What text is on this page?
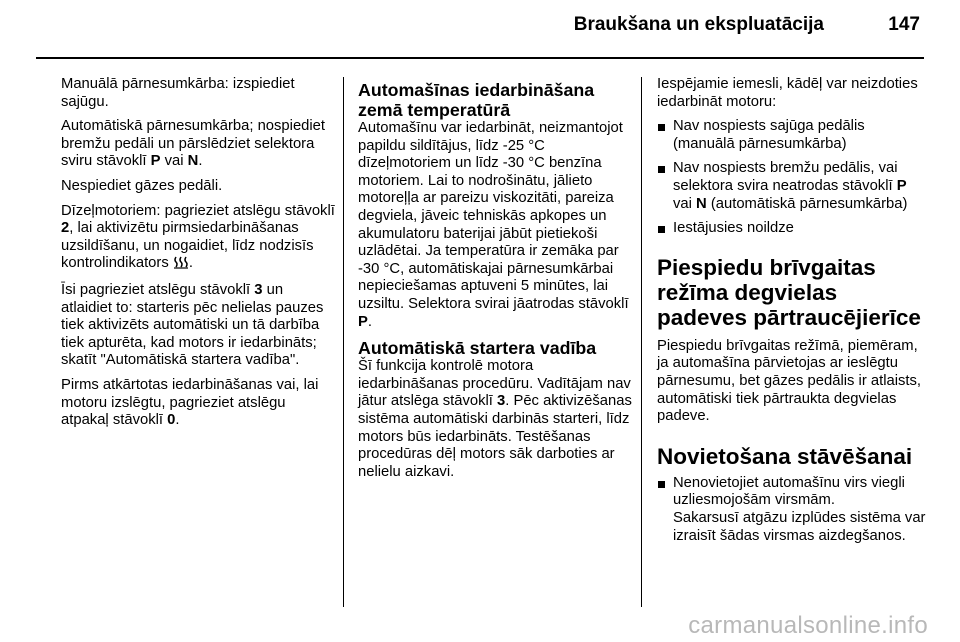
Braukšana un ekspluatācija	147

Manuālā pārnesumkārba: izspiediet sajūgu.

Automātiskā pārnesumkārba; nospiediet bremžu pedāli un pārslēdziet selektora sviru stāvoklī P vai N.

Nespiediet gāzes pedāli.

Dīzeļmotoriem: pagrieziet atslēgu stāvoklī 2, lai aktivizētu pirmsiedarbināšanas uzsildīšanu, un nogaidiet, līdz nodzisīs kontrolindikators .

Īsi pagrieziet atslēgu stāvoklī 3 un atlaidiet to: starteris pēc nelielas pauzes tiek aktivizēts automātiski un tā darbība tiek apturēta, kad motors ir iedarbināts; skatīt "Automātiskā startera vadība".

Pirms atkārtotas iedarbināšanas vai, lai motoru izslēgtu, pagrieziet atslēgu atpakaļ stāvoklī 0.

Automašīnas iedarbināšana zemā temperatūrā

Automašīnu var iedarbināt, neizmantojot papildu sildītājus, līdz -25 °C dīzeļmotoriem un līdz -30 °C benzīna motoriem. Lai to nodrošinātu, jālieto motoreļļa ar pareizu viskozitāti, pareiza degviela, jāveic tehniskās apkopes un akumulatoru baterijai jābūt pietiekoši uzlādētai. Ja temperatūra ir zemāka par -30 °C, automātiskajai pārnesumkārbai nepieciešamas aptuveni 5 minūtes, lai uzsiltu. Selektora svirai jāatrodas stāvoklī P.

Automātiskā startera vadība

Šī funkcija kontrolē motora iedarbināšanas procedūru. Vadītājam nav jātur atslēga stāvoklī 3. Pēc aktivizēšanas sistēma automātiski darbinās starteri, līdz motors būs iedarbināts. Testēšanas procedūras dēļ motors sāk darboties ar nelielu aizkavi.

Iespējamie iemesli, kādēļ var neizdoties iedarbināt motoru:

Nav nospiests sajūga pedālis (manuālā pārnesumkārba)
Nav nospiests bremžu pedālis, vai selektora svira neatrodas stāvoklī P vai N (automātiskā pārnesumkārba)
Iestājusies noildze
Piespiedu brīvgaitas režīma degvielas padeves pārtraucējierīce

Piespiedu brīvgaitas režīmā, piemēram, ja automašīna pārvietojas ar ieslēgtu pārnesumu, bet gāzes pedālis ir atlaists, automātiski tiek pārtraukta degvielas padeve.

Novietošana stāvēšanai
Nenovietojiet automašīnu virs viegli uzliesmojošām virsmām.
Sakarsusī atgāzu izplūdes sistēma var izraisīt šādas virsmas aizdegšanos.
carmanualsonline.info
